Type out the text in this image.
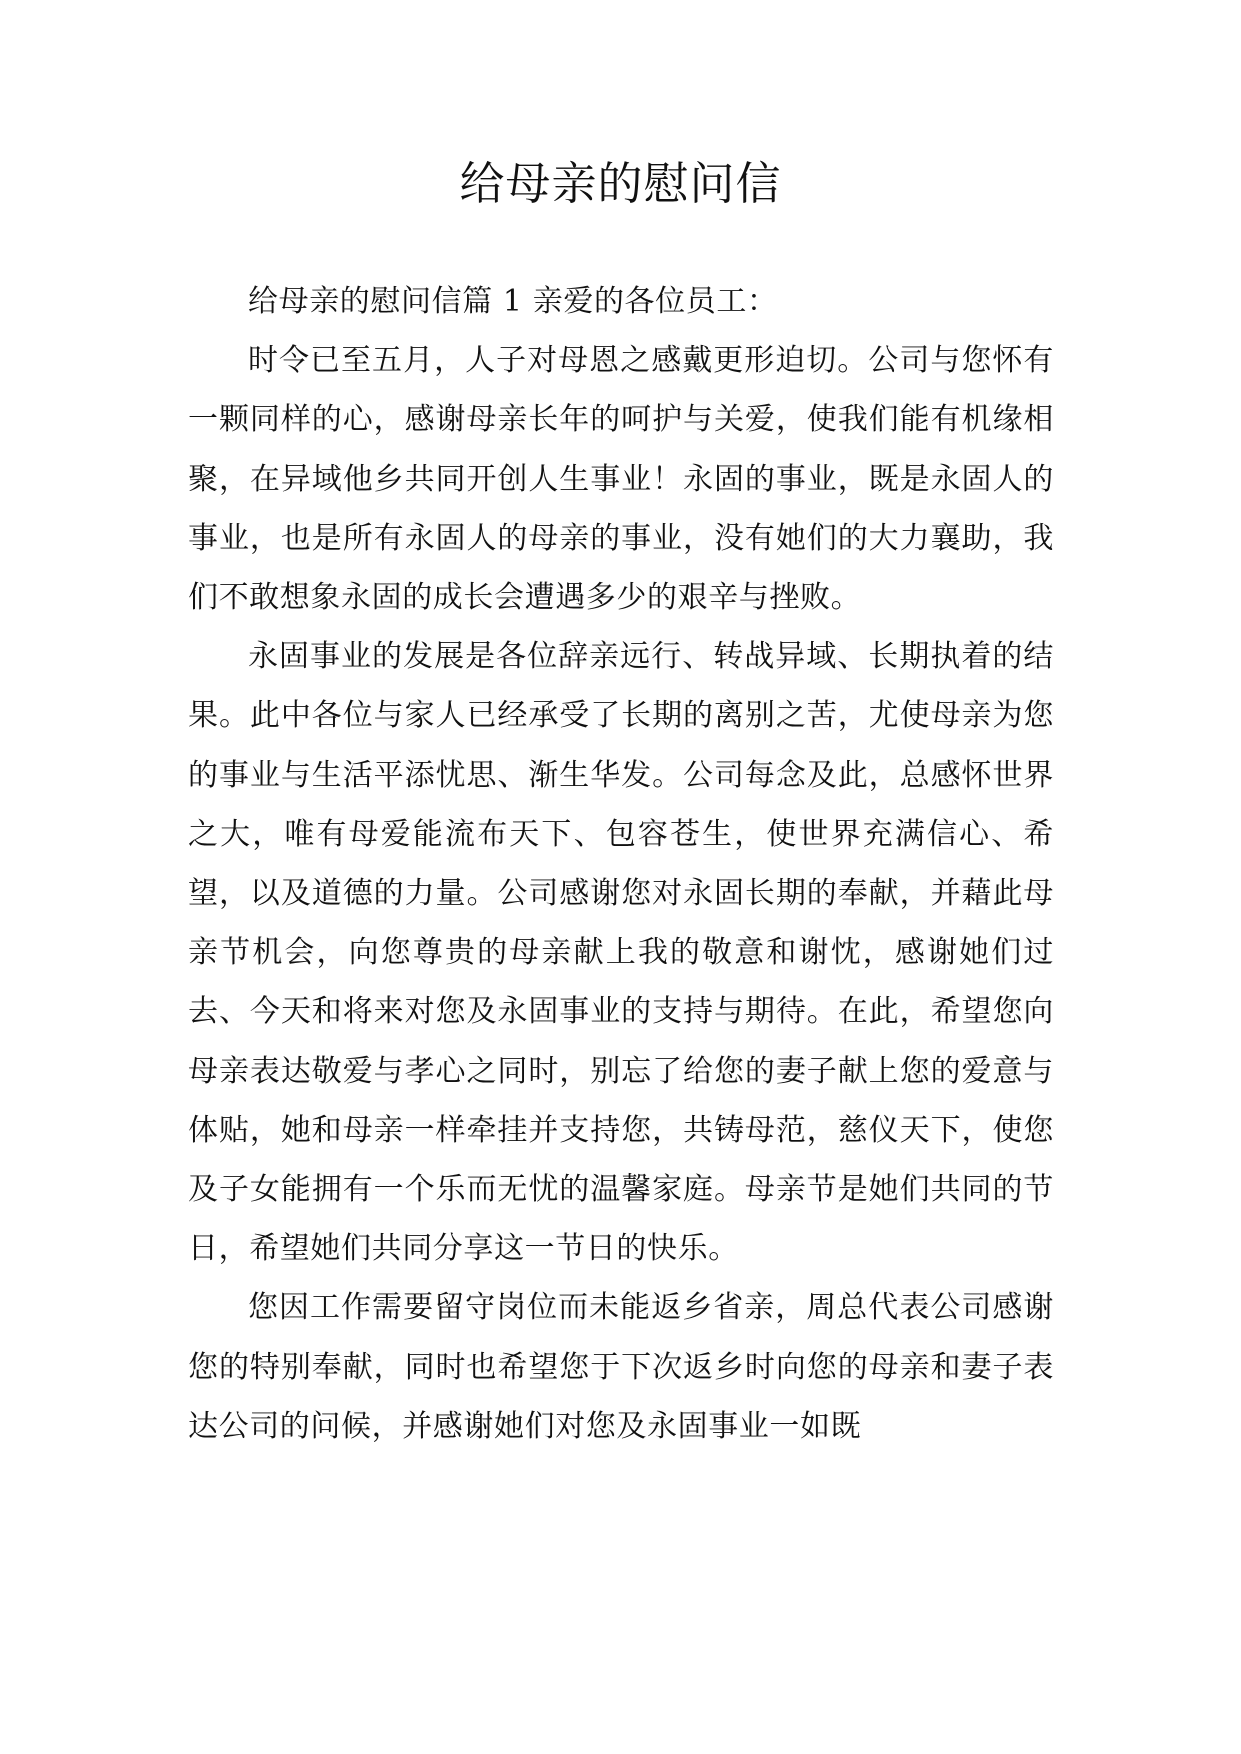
给母亲的慰问信

给母亲的慰问信篇 1 亲爱的各位员工：

时令已至五月，人子对母恩之感戴更形迫切。公司与您怀有一颗同样的心，感谢母亲长年的呵护与关爱，使我们能有机缘相聚，在异域他乡共同开创人生事业！永固的事业，既是永固人的事业，也是所有永固人的母亲的事业，没有她们的大力襄助，我们不敢想象永固的成长会遭遇多少的艰辛与挫败。

永固事业的发展是各位辞亲远行、转战异域、长期执着的结果。此中各位与家人已经承受了长期的离别之苦，尤使母亲为您的事业与生活平添忧思、渐生华发。公司每念及此，总感怀世界之大，唯有母爱能流布天下、包容苍生，使世界充满信心、希望，以及道德的力量。公司感谢您对永固长期的奉献，并藉此母亲节机会，向您尊贵的母亲献上我的敬意和谢忱，感谢她们过去、今天和将来对您及永固事业的支持与期待。在此，希望您向母亲表达敬爱与孝心之同时，别忘了给您的妻子献上您的爱意与体贴，她和母亲一样牵挂并支持您，共铸母范，慈仪天下，使您及子女能拥有一个乐而无忧的温馨家庭。母亲节是她们共同的节日，希望她们共同分享这一节日的快乐。

您因工作需要留守岗位而未能返乡省亲，周总代表公司感谢您的特别奉献，同时也希望您于下次返乡时向您的母亲和妻子表达公司的问候，并感谢她们对您及永固事业一如既
